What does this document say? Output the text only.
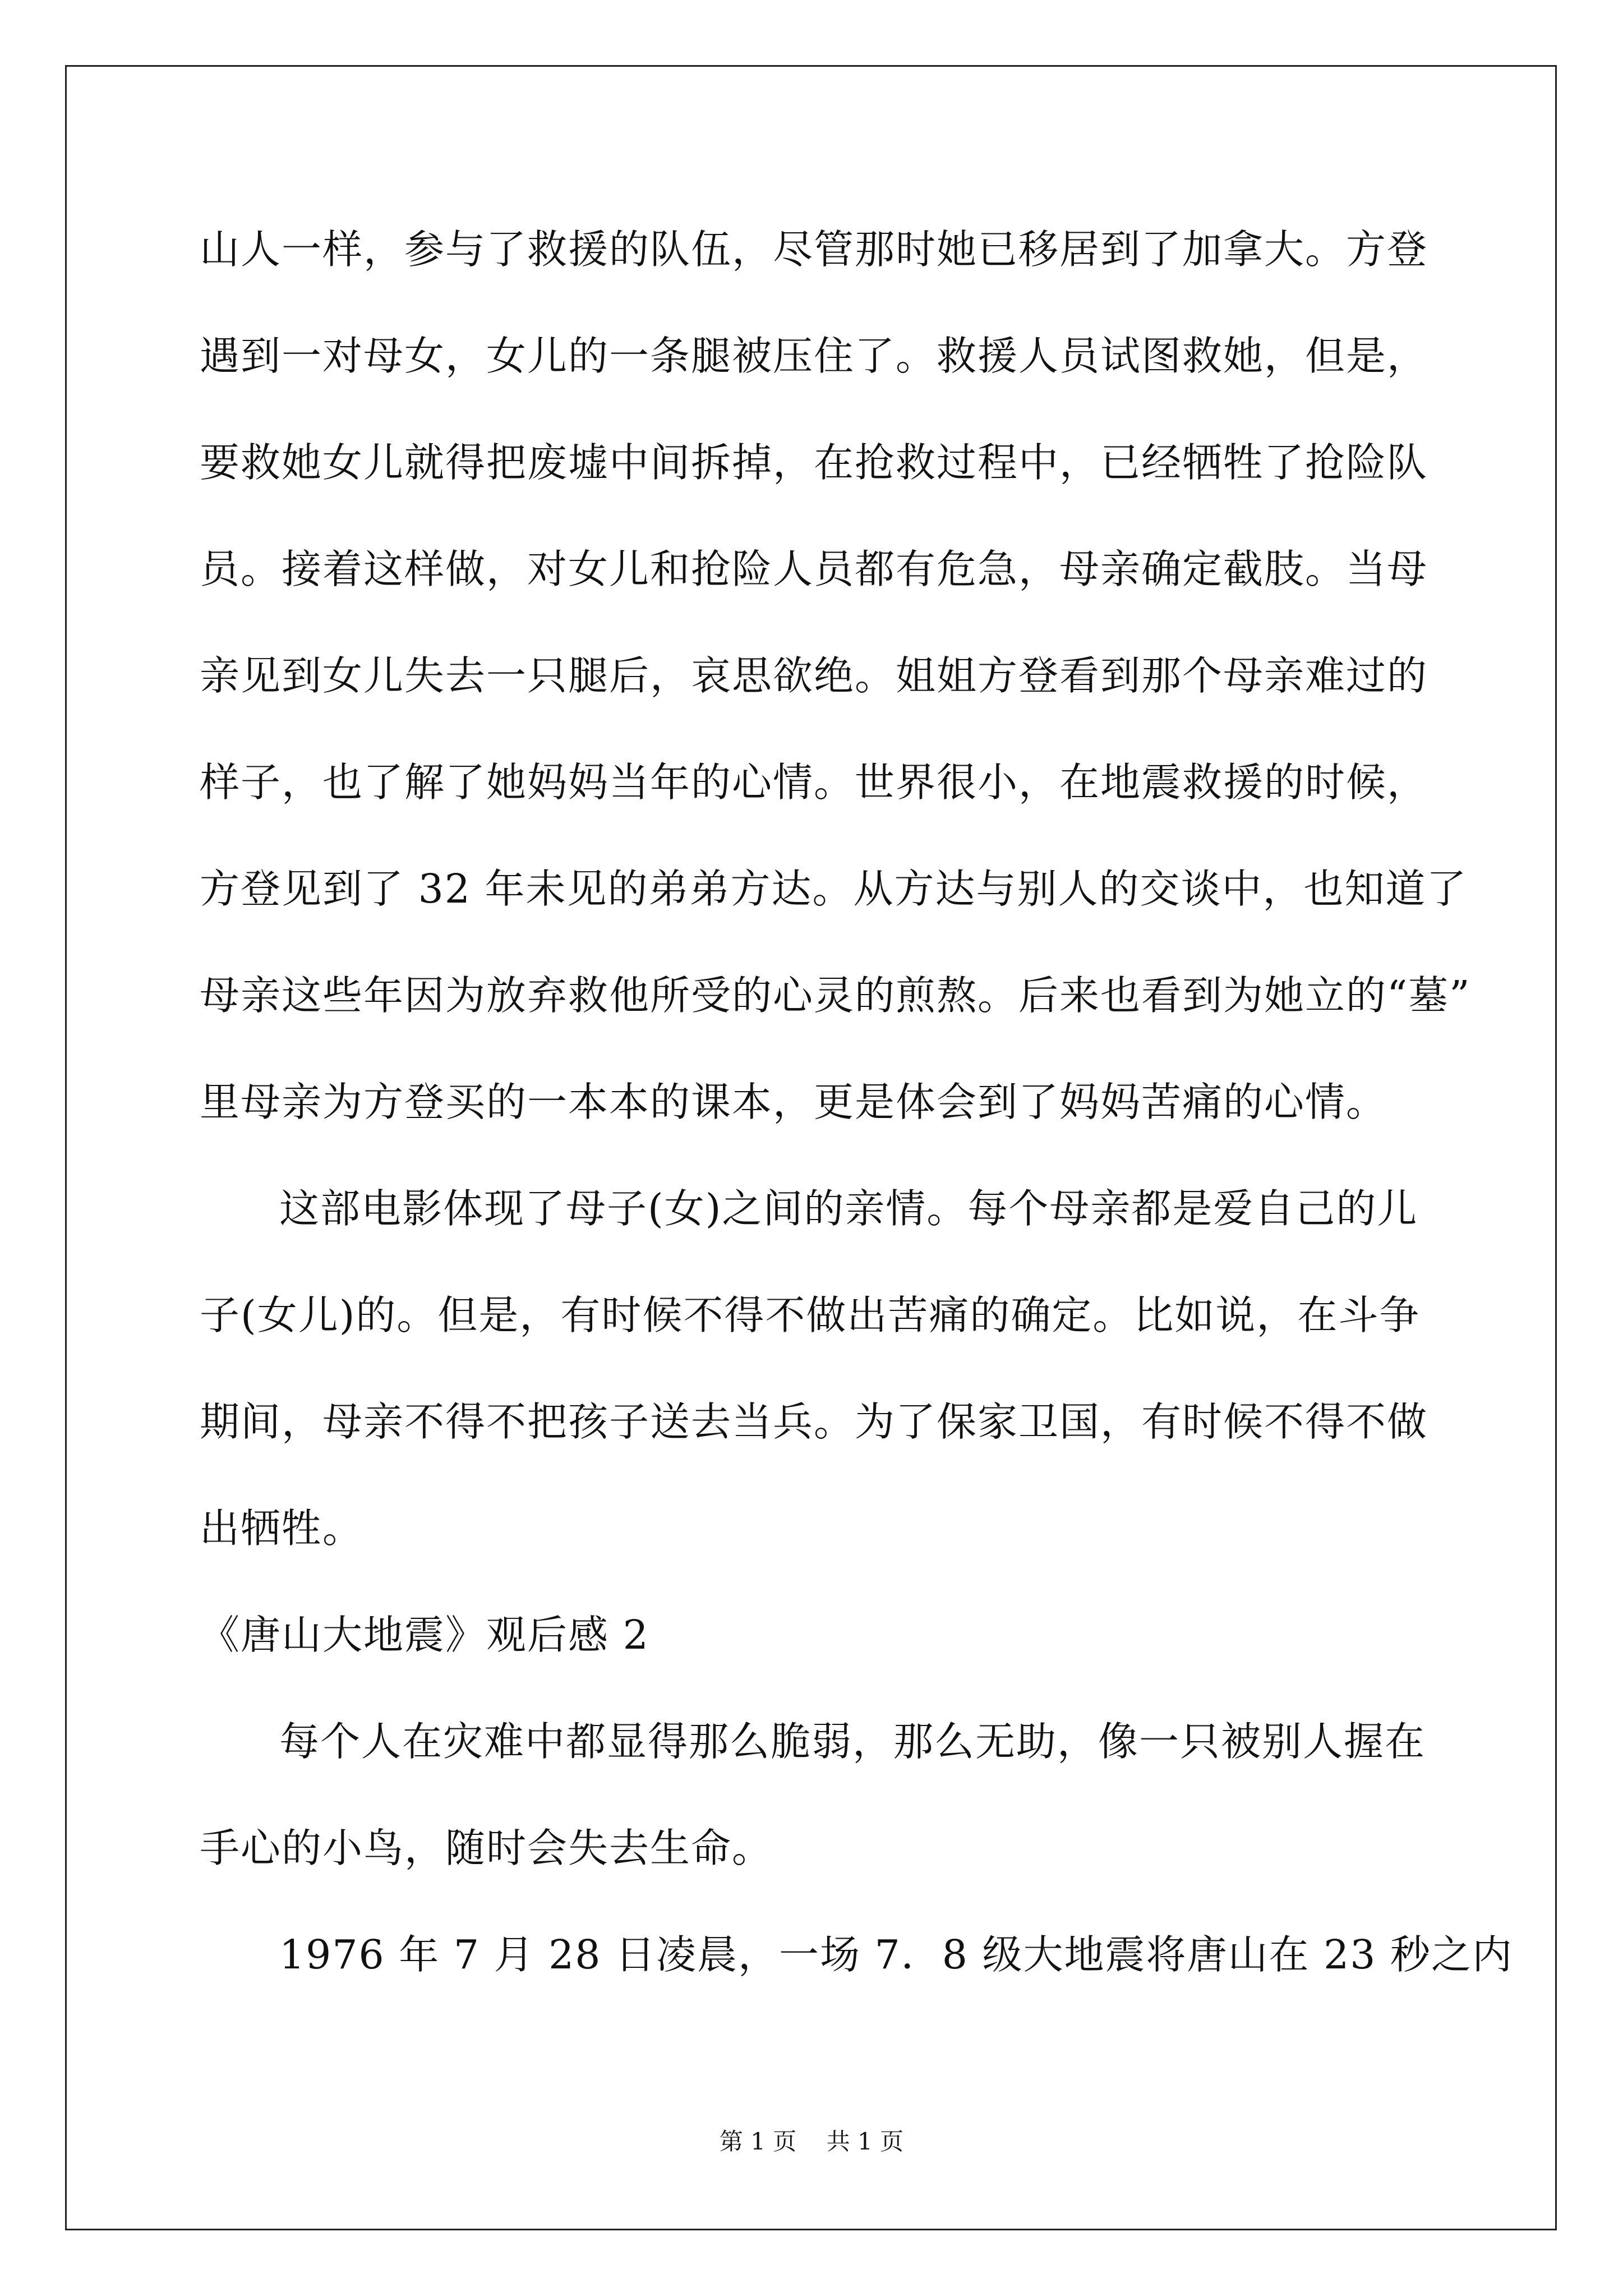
山人一样，参与了救援的队伍，尽管那时她已移居到了加拿大。方登
遇到一对母女，女儿的一条腿被压住了。救援人员试图救她，但是，
要救她女儿就得把废墟中间拆掉，在抢救过程中，已经牺牲了抢险队
员。接着这样做，对女儿和抢险人员都有危急，母亲确定截肢。当母
亲见到女儿失去一只腿后，哀思欲绝。姐姐方登看到那个母亲难过的
样子，也了解了她妈妈当年的心情。世界很小，在地震救援的时候，
方登见到了 32 年未见的弟弟方达。从方达与别人的交谈中，也知道了
母亲这些年因为放弃救他所受的心灵的煎熬。后来也看到为她立的“墓”
里母亲为方登买的一本本的课本，更是体会到了妈妈苦痛的心情。
这部电影体现了母子(女)之间的亲情。每个母亲都是爱自己的儿
子(女儿)的。但是，有时候不得不做出苦痛的确定。比如说，在斗争
期间，母亲不得不把孩子送去当兵。为了保家卫国，有时候不得不做
出牺牲。
《唐山大地震》观后感 2
每个人在灾难中都显得那么脆弱，那么无助，像一只被别人握在
手心的小鸟，随时会失去生命。
1976 年 7 月 28 日凌晨，一场 7．8 级大地震将唐山在 23 秒之内
第 1 页    共 1 页
